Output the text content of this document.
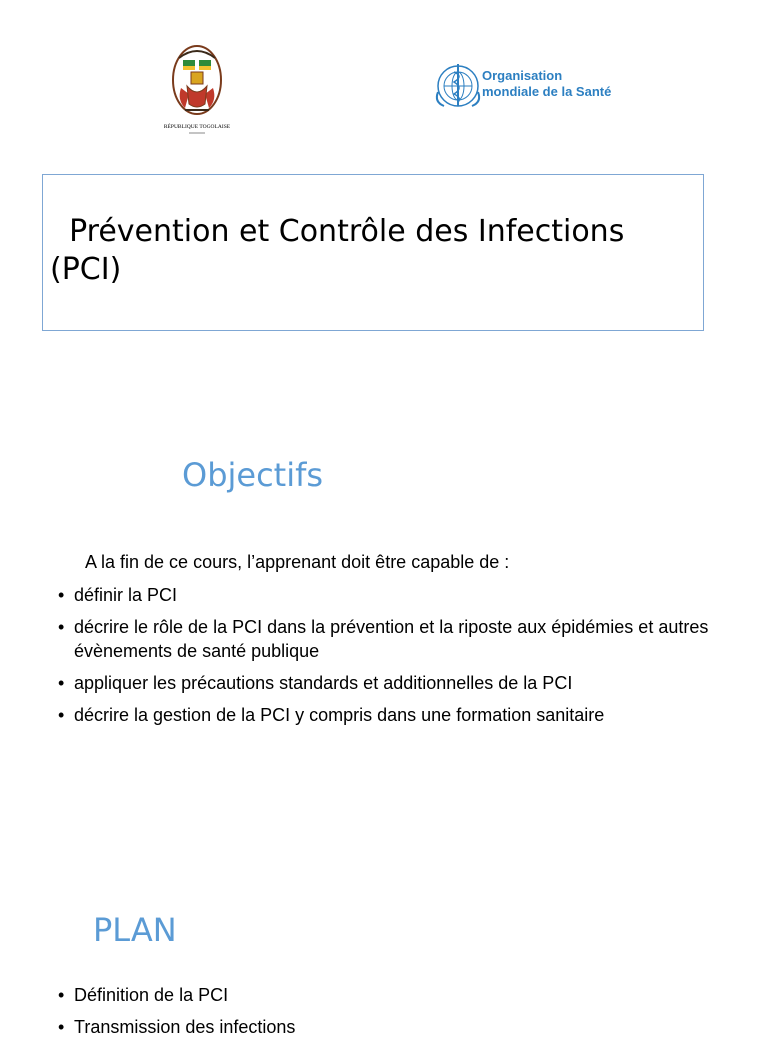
RÉPUBLIQUE TOGOLAISE
Organisation
mondiale de la Santé
Prévention et Contrôle des Infections (PCI)
Objectifs

A la fin de ce cours, l’apprenant doit être capable de :

• définir la PCI
• décrire le rôle de la PCI dans la prévention et la riposte aux épidémies et autres évènements de santé publique
• appliquer les précautions standards et additionnelles de la PCI
• décrire la gestion de la PCI y compris dans une formation sanitaire
PLAN
• Définition de la PCI
• Transmission des infections
